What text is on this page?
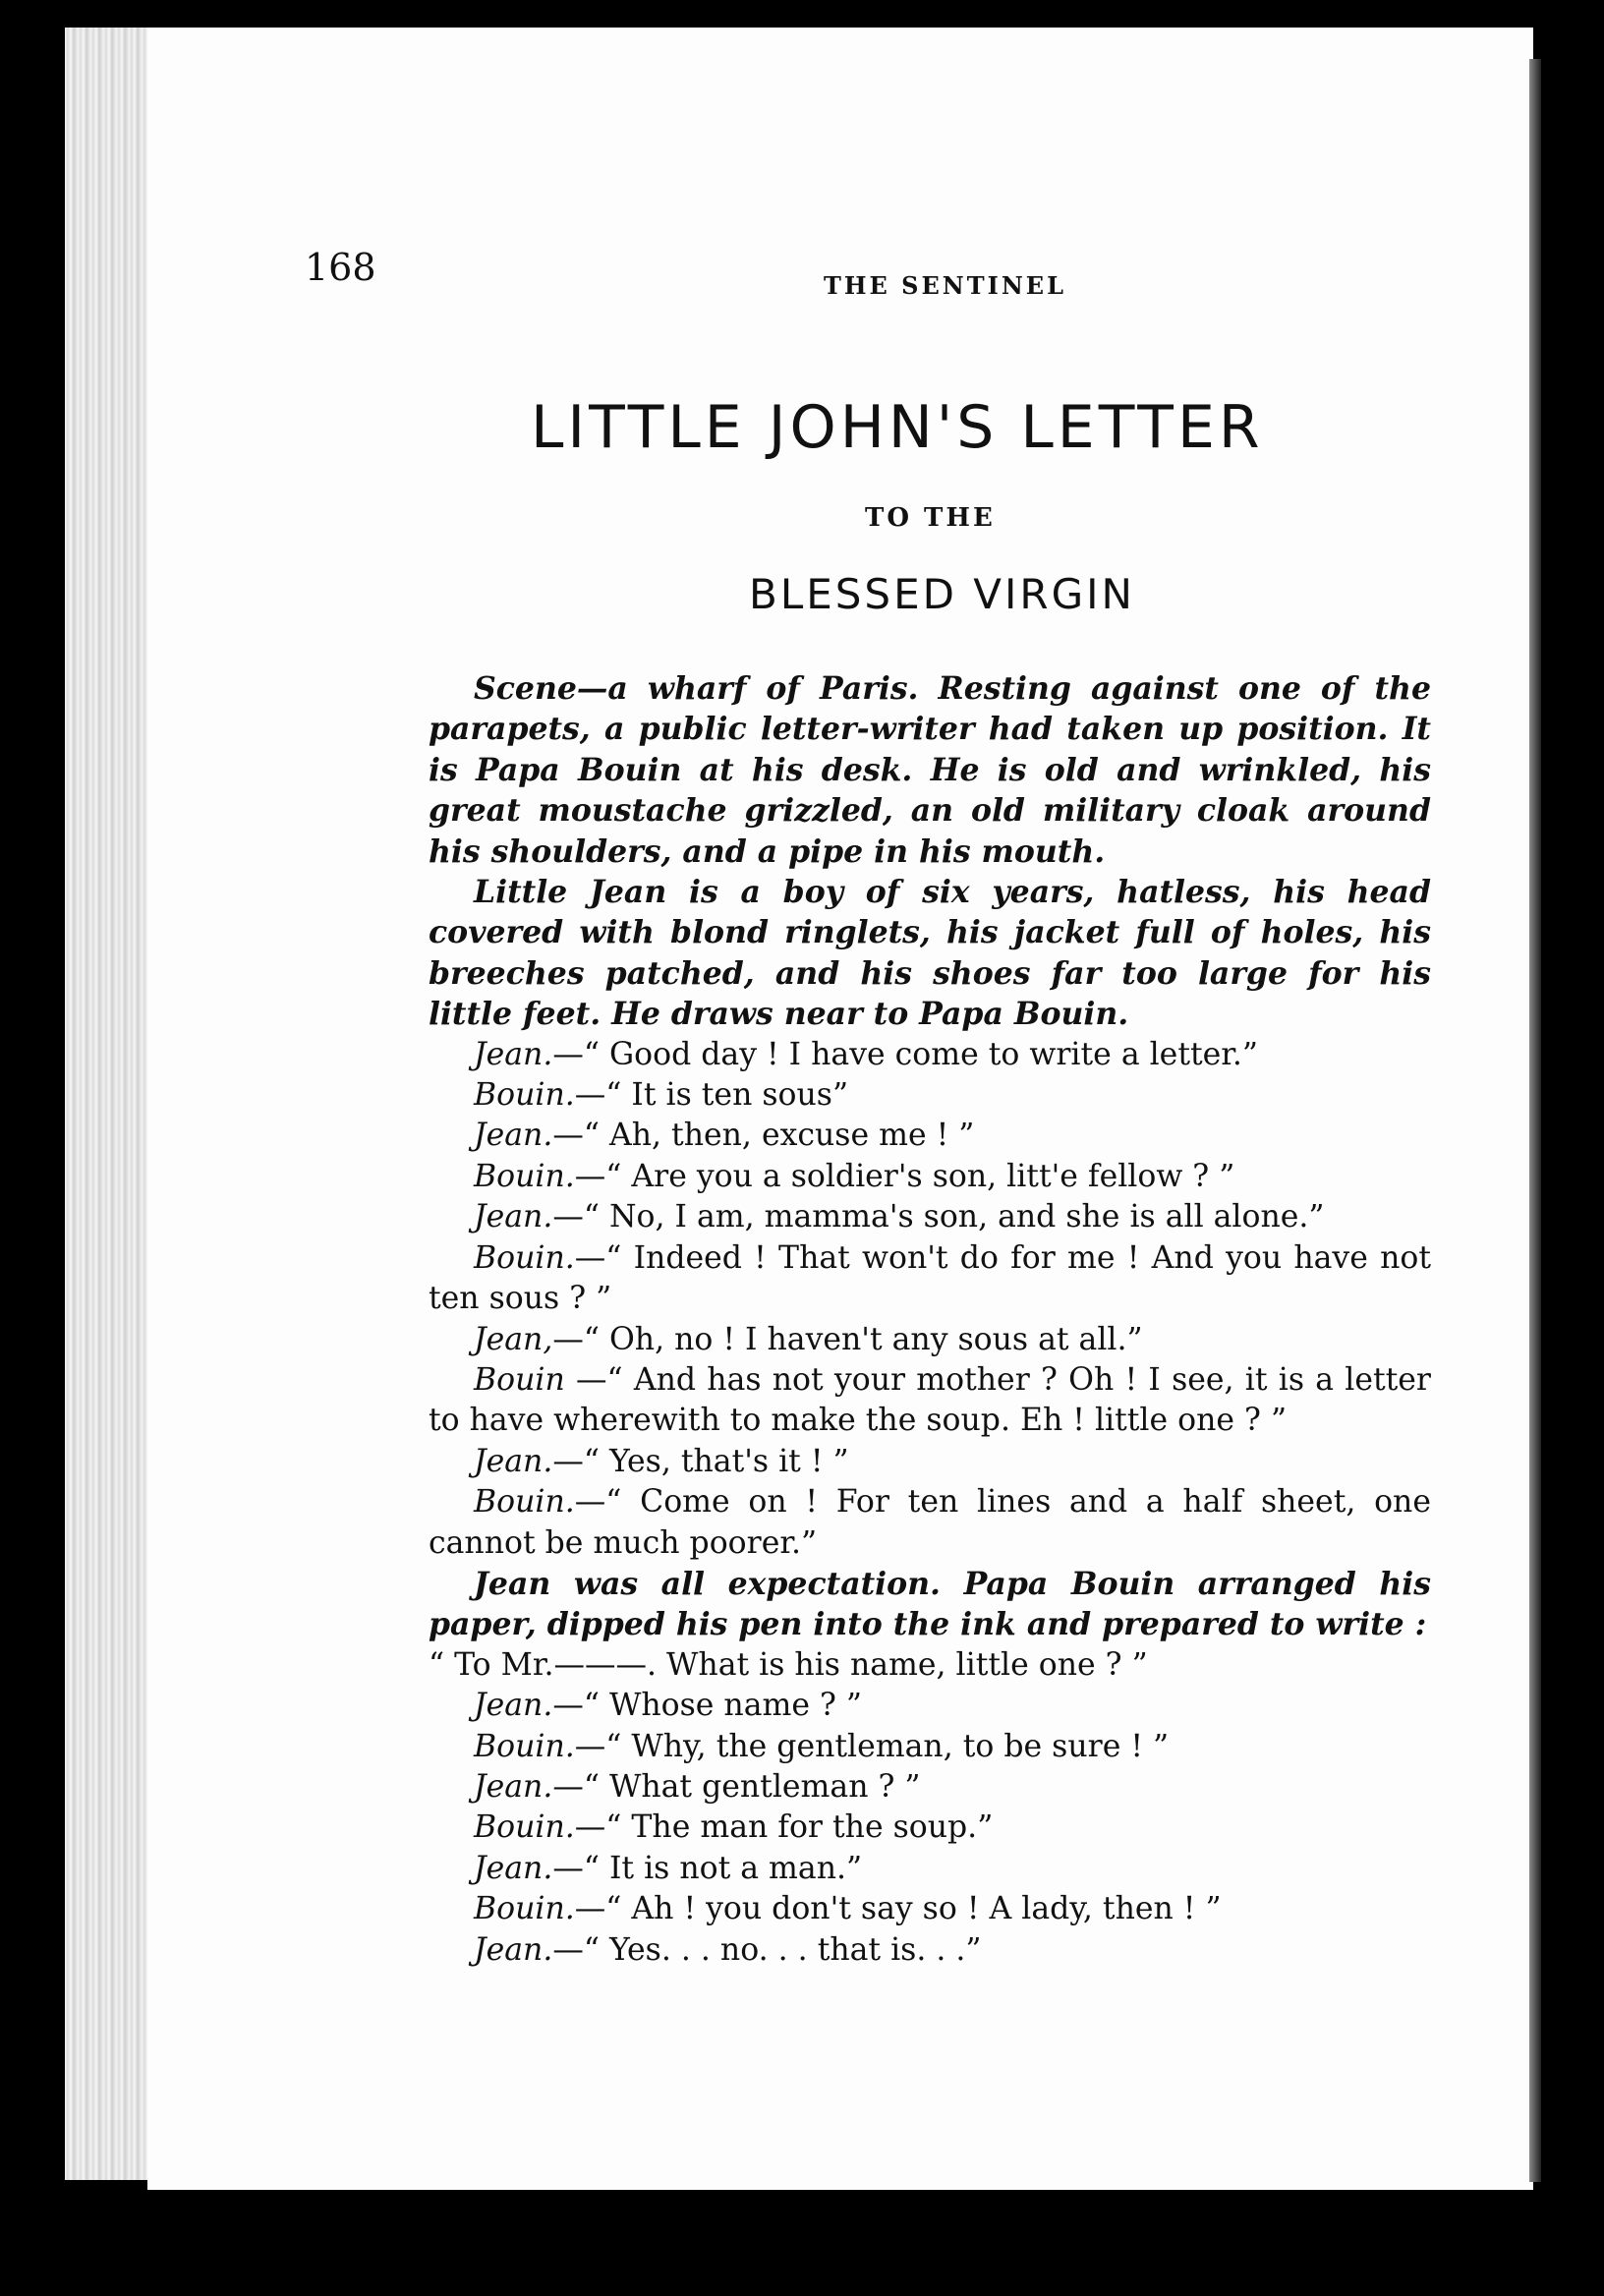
168	THE SENTINEL
LITTLE JOHN'S LETTER
TO THE
BLESSED VIRGIN

Scene—a wharf of Paris. Resting against one of the parapets, a public letter-writer had taken up position. It is Papa Bouin at his desk. He is old and wrinkled, his great moustache grizzled, an old military cloak around his shoulders, and a pipe in his mouth.

Little Jean is a boy of six years, hatless, his head covered with blond ringlets, his jacket full of holes, his breeches patched, and his shoes far too large for his little feet. He draws near to Papa Bouin.

Jean.—“ Good day ! I have come to write a letter.”

Bouin.—“ It is ten sous”

Jean.—“ Ah, then, excuse me ! ”

Bouin.—“ Are you a soldier's son, litt'e fellow ? ”

Jean.—“ No, I am, mamma's son, and she is all alone.”

Bouin.—“ Indeed ! That won't do for me ! And you have not ten sous ? ”

Jean,—“ Oh, no ! I haven't any sous at all.”

Bouin —“ And has not your mother ? Oh ! I see, it is a letter to have wherewith to make the soup. Eh ! little one ? ”

Jean.—“ Yes, that's it ! ”

Bouin.—“ Come on ! For ten lines and a half sheet, one cannot be much poorer.”

Jean was all expectation. Papa Bouin arranged his paper, dipped his pen into the ink and prepared to write :

“ To Mr.———. What is his name, little one ? ”

Jean.—“ Whose name ? ”

Bouin.—“ Why, the gentleman, to be sure ! ”

Jean.—“ What gentleman ? ”

Bouin.—“ The man for the soup.”

Jean.—“ It is not a man.”

Bouin.—“ Ah ! you don't say so ! A lady, then ! ”

Jean.—“ Yes. . . no. . . that is. . .”
